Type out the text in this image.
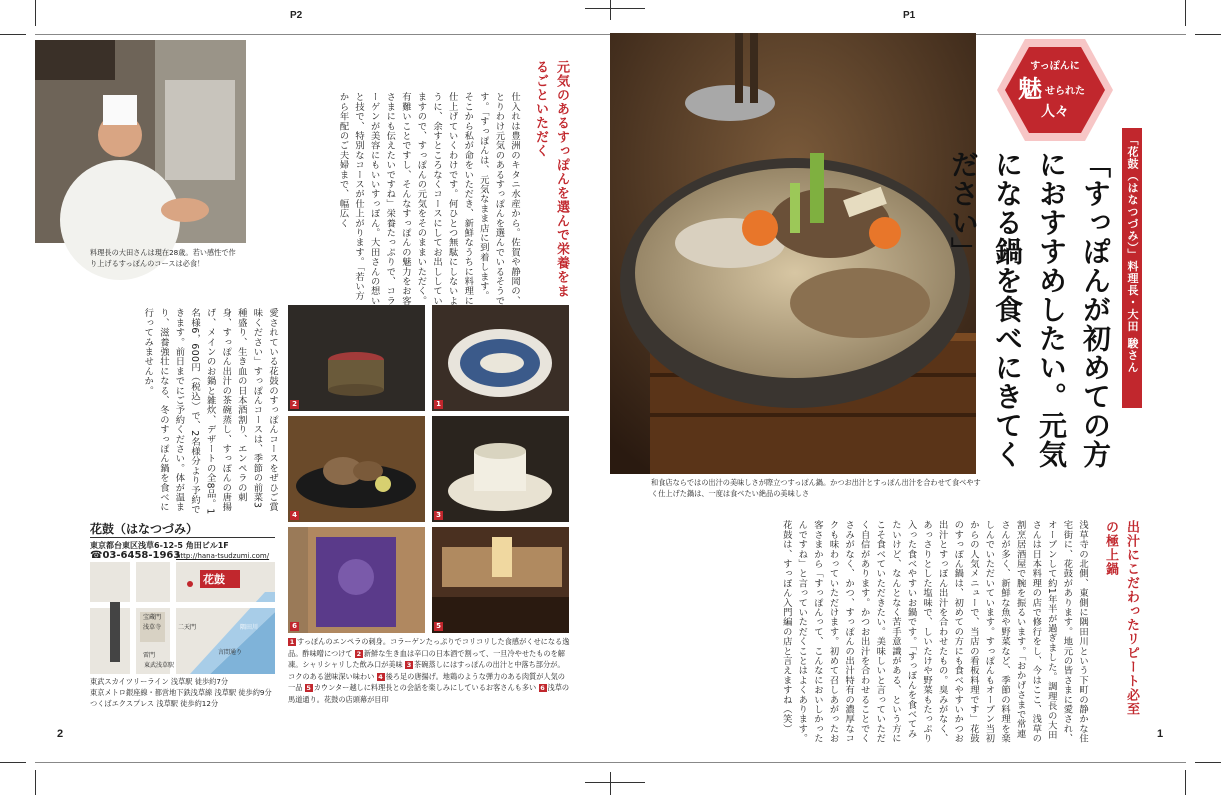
P2	P1
2	1
和食店ならではの出汁の美味しさが際立つすっぽん鍋。かつお出汁とすっぽん出汁を合わせて食べやすく仕上げた鍋は、一度は食べたい絶品の美味しさ
すっぽんに
魅 せられた
人々
「花鼓（はなつづみ）」料理長・大田 駿さん
「すっぽんが初めての方におすすめしたい。元気になる鍋を食べにきてください」
出汁にこだわったリピート必至の極上鍋
浅草寺の北側、東側に隅田川という下町の静かな住宅街に、花鼓があります。地元の皆さまに愛され、オープンして約1年半が過ぎました。調理長の大田さんは日本料理の店で修行をし、今はここ、浅草の割烹居酒屋で腕を振るいます。「おかげさまで常連さんが多く、新鮮な魚や野菜など、季節の料理を楽しんでいただいています。すっぽんもオープン当初からの人気メニューで、当店の看板料理です」花鼓のすっぽん鍋は、初めての方にも食べやすいかつお出汁とすっぽん出汁を合わせたもの。臭みがなく、あっさりとした塩味で、しいたけや野菜もたっぷり入った食べやすいお鍋です。「すっぽんを食べてみたいけど、なんとなく苦手意識がある、という方にこそ食べていただきたい。美味しいと言っていただく自信があります。かつお出汁を合わせることでくさみがなく、かつ、すっぽんの出汁特有の濃厚なコクも味わっていただけます。初めて召しあがったお客さまから「すっぽんって、こんなにおいしかったんですね」と言っていただくことはよくあります。花鼓は、すっぽん入門編の店と言えますね（笑）
料理長の大田さんは現在28歳。若い感性で作り上げるすっぽんのコースは必食！	元気のあるすっぽんを選んで栄養をまるごといただく
仕入れは豊洲のキタニ水産から。佐賀や静岡の、とりわけ元気のあるすっぽんを選んでいるそうです。「すっぽんは、元気なまま店に到着します。そこから私が命をいただき、新鮮なうちに料理に仕上げていくわけです。何ひとつ無駄にしないように、余すところなくコースにしてお出ししていますので、すっぽんの元気をそのままいただく。有難いことですし、そんなすっぽんの魅力をお客さまにも伝えたいですね」栄養たっぷりで、コラーゲンが美容にもいいすっぽん。大田さんの想いと技で、特別なコースが仕上がります。「若い方から年配のご夫婦まで、幅広く
愛されている花鼓のすっぽんコースをぜひご賞味ください」すっぽんコースは、季節の前菜3種盛り、生き血の日本酒割り、エンペラの刺身、すっぽん出汁の茶碗蒸し、すっぽんの唐揚げ、メインのお鍋と雑炊、デザートの全8品。1名様6，600円（税込）で、2名様分より予約できます。前日までにご予約ください。体が温まり、滋養強壮になる、冬のすっぽん鍋を食べに行ってみませんか。
花鼓（はなつづみ）
東京都台東区浅草6-12-5 角田ビル1F
☎03-6458-1963
http://hana-tsudzumi.com/
花鼓
言問通り
隅田川
東武浅草駅
浅草寺
宝蔵門
二天門
雷門
東武スカイツリーライン 浅草駅 徒歩約7分
東京メトロ銀座線・都営地下鉄浅草線 浅草駅 徒歩約9分
つくばエクスプレス 浅草駅 徒歩約12分
2	1
4	3
6	5
1 すっぽんのエンペラの刺身。コラーゲンたっぷりでコリコリした食感がくせになる逸品。酢味噌につけて 2 新鮮な生き血は辛口の日本酒で割って、一旦冷やせたものを解凍。シャリシャリした飲み口が美味 3 茶碗蒸しにはすっぽんの出汁と中落ち部分が。コクのある滋味深い味わい 4 後ろ足の唐揚げ。地鶏のような弾力のある肉質が人気の一品 5 カウンター越しに料理長との会話を楽しみにしているお客さんも多い 6 浅草の馬道通り。花鼓の店頭幕が目印
